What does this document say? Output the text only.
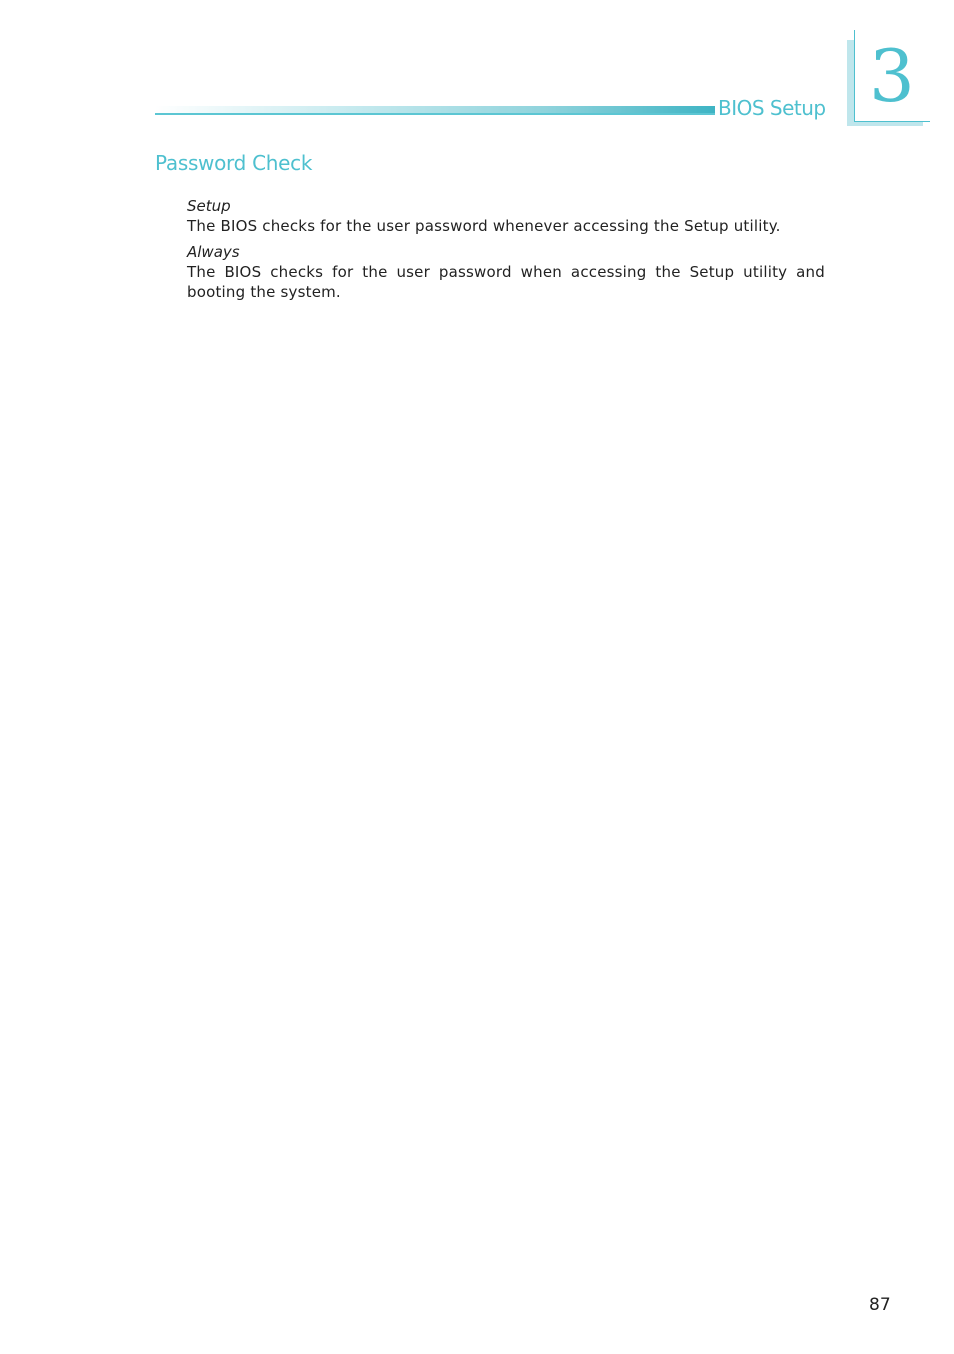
BIOS Setup 3
Password Check

Setup

The BIOS checks for the user password whenever accessing the Setup utility.

Always

The BIOS checks for the user password when accessing the Setup utility and booting the system.

87
